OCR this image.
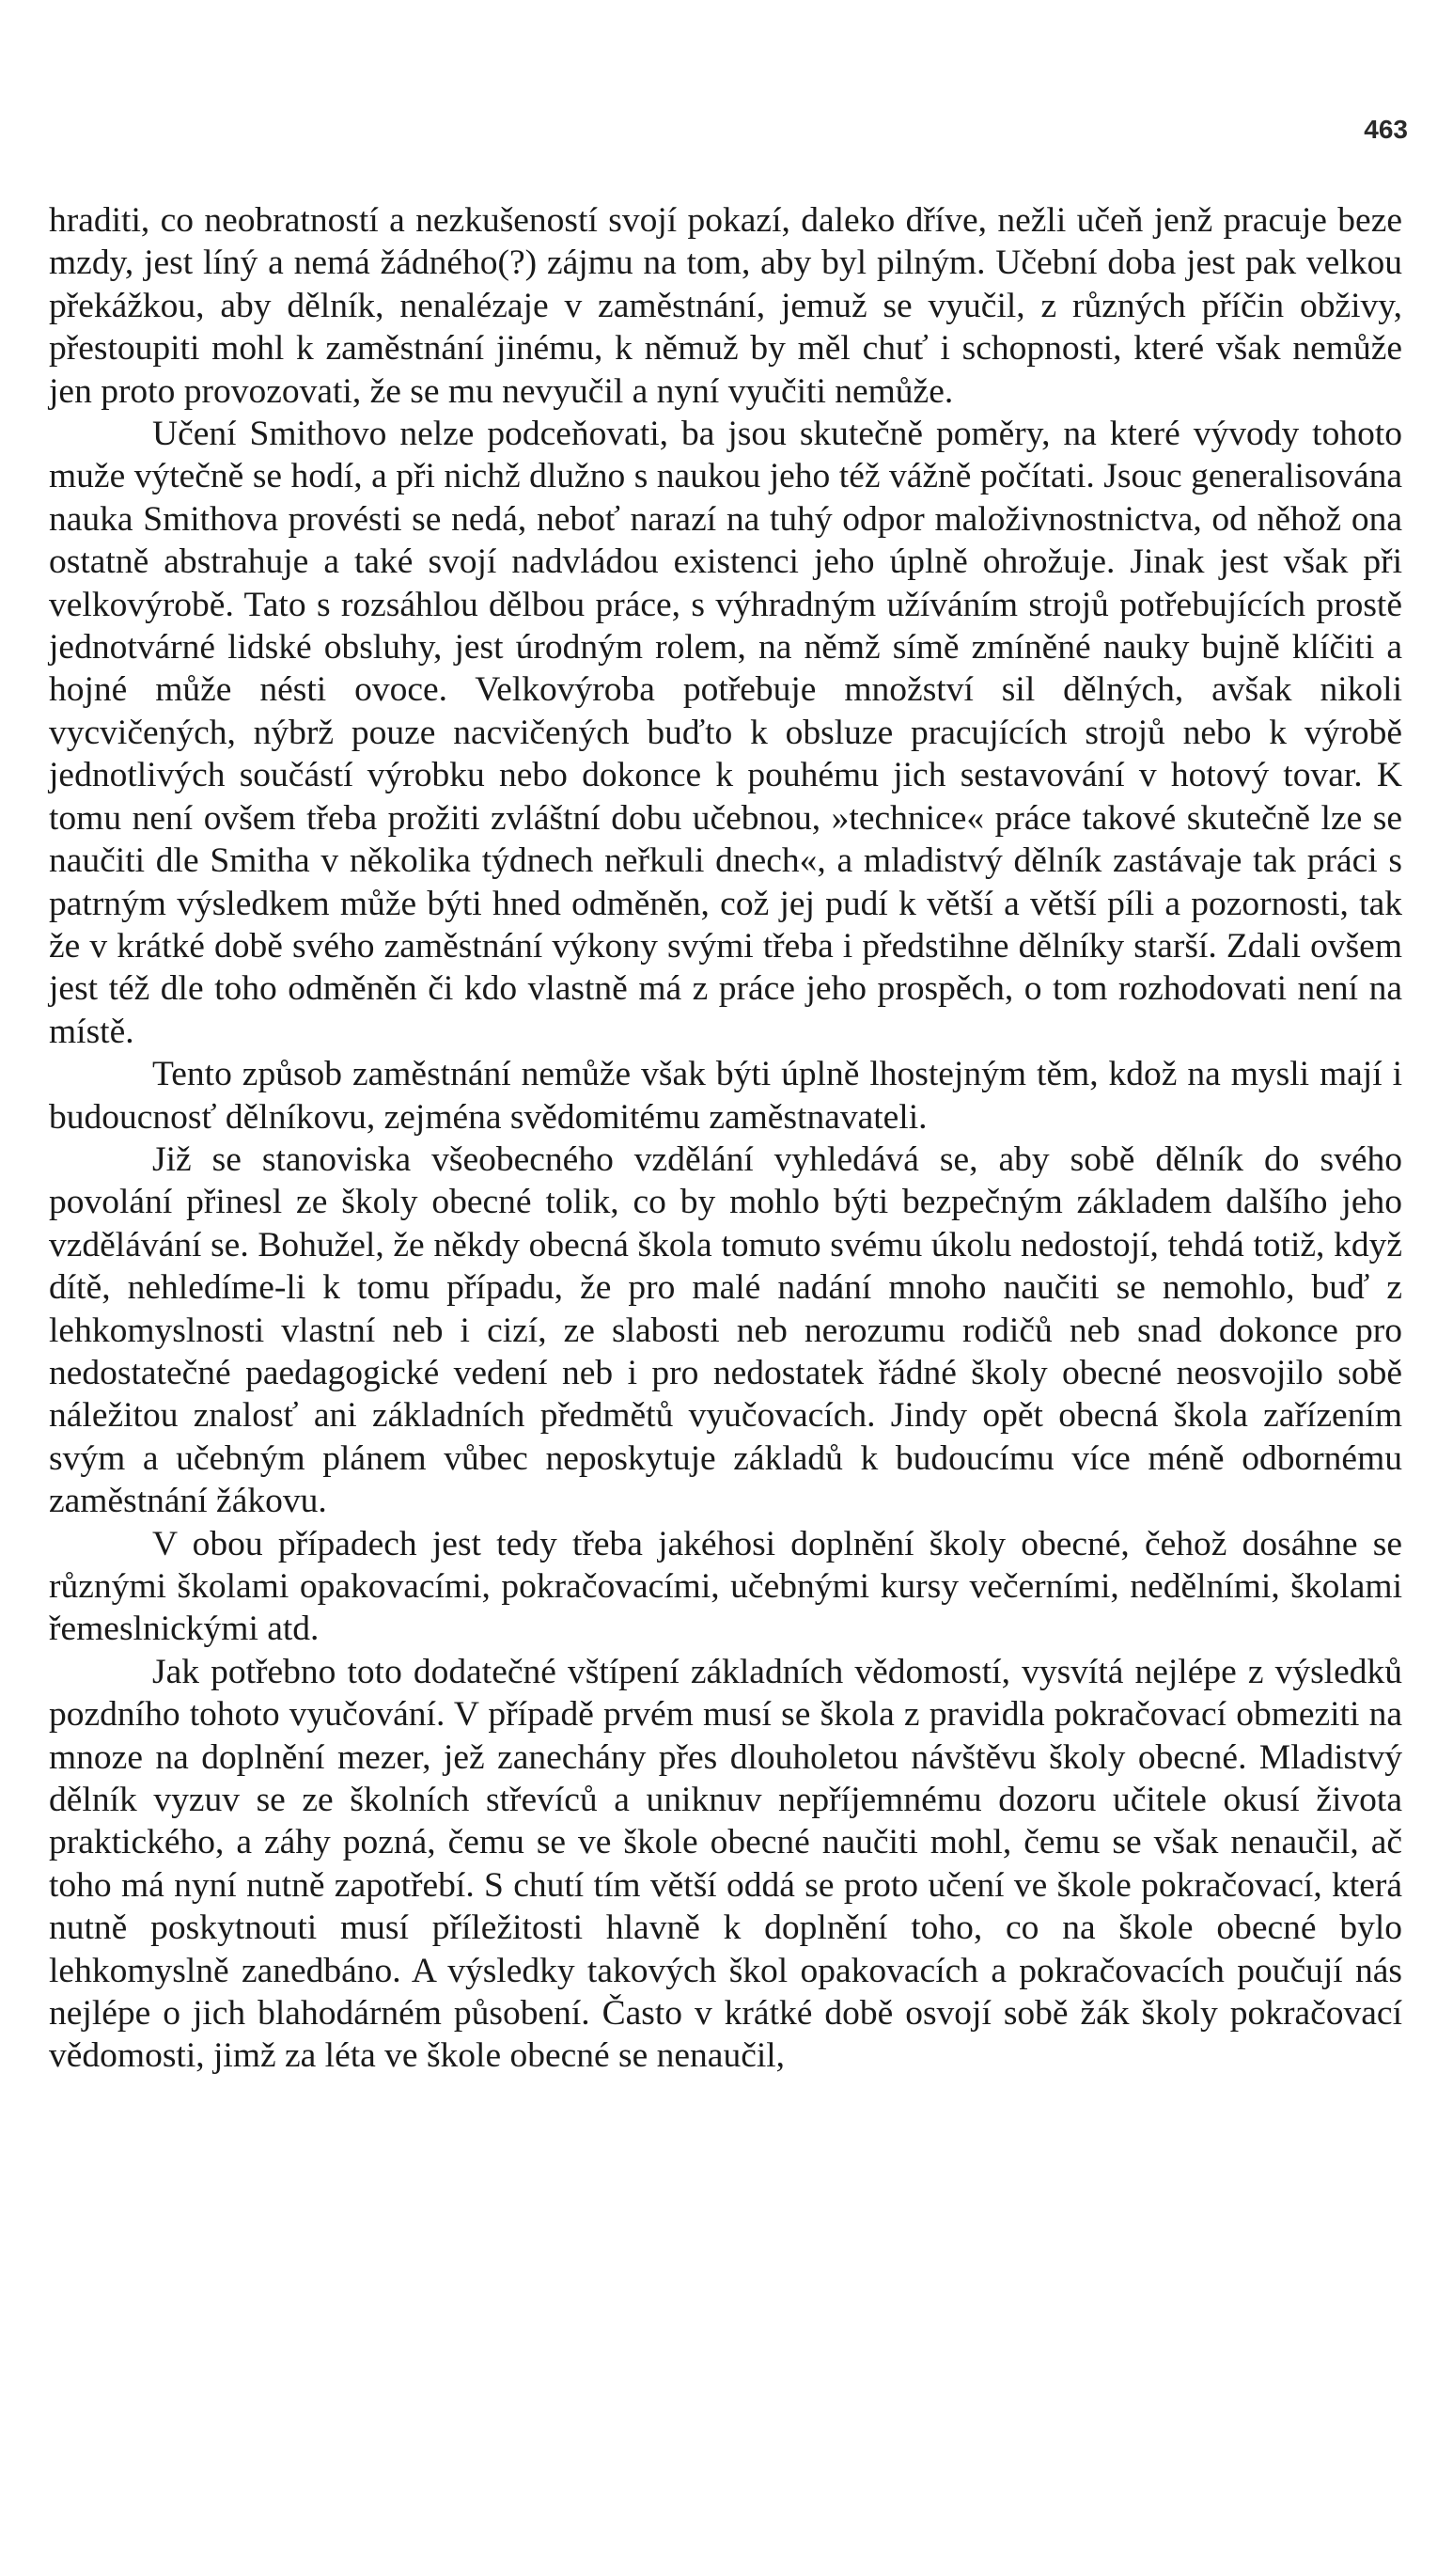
463

hraditi, co neobratností a nezkušeností svojí pokazí, daleko dříve, nežli učeň jenž pracuje beze mzdy, jest líný a nemá žádného(?) zájmu na tom, aby byl pilným. Učební doba jest pak velkou překážkou, aby dělník, nenalézaje v zaměstnání, jemuž se vyučil, z různých příčin obživy, přestoupiti mohl k zaměstnání jinému, k němuž by měl chuť i schopnosti, které však nemůže jen proto provozovati, že se mu nevyučil a nyní vyučiti nemůže.

Učení Smithovo nelze podceňovati, ba jsou skutečně poměry, na které vývody tohoto muže výtečně se hodí, a při nichž dlužno s naukou jeho též vážně počítati. Jsouc generalisována nauka Smithova provésti se nedá, neboť narazí na tuhý odpor maloživnostnictva, od něhož ona ostatně abstrahuje a také svojí nadvládou existenci jeho úplně ohrožuje. Jinak jest však při velkovýrobě. Tato s rozsáhlou dělbou práce, s výhradným užíváním strojů potřebujících prostě jednotvárné lidské obsluhy, jest úrodným rolem, na němž símě zmíněné nauky bujně klíčiti a hojné může nésti ovoce. Velkovýroba potřebuje množství sil dělných, avšak nikoli vycvičených, nýbrž pouze nacvičených buďto k obsluze pracujících strojů nebo k výrobě jednotlivých součástí výrobku nebo dokonce k pouhému jich sestavování v hotový tovar. K tomu není ovšem třeba prožiti zvláštní dobu učebnou, »technice« práce takové skutečně lze se naučiti dle Smitha v několika týdnech neřkuli dnech«, a mladistvý dělník zastávaje tak práci s patrným výsledkem může býti hned odměněn, což jej pudí k větší a větší píli a pozornosti, tak že v krátké době svého zaměstnání výkony svými třeba i předstihne dělníky starší. Zdali ovšem jest též dle toho odměněn či kdo vlastně má z práce jeho prospěch, o tom rozhodovati není na místě.

Tento způsob zaměstnání nemůže však býti úplně lhostejným těm, kdož na mysli mají i budoucnosť dělníkovu, zejména svědomitému zaměstnavateli.

Již se stanoviska všeobecného vzdělání vyhledává se, aby sobě dělník do svého povolání přinesl ze školy obecné tolik, co by mohlo býti bezpečným základem dalšího jeho vzdělávání se. Bohužel, že někdy obecná škola tomuto svému úkolu nedostojí, tehdá totiž, když dítě, nehledíme-li k tomu případu, že pro malé nadání mnoho naučiti se nemohlo, buď z lehkomyslnosti vlastní neb i cizí, ze slabosti neb nerozumu rodičů neb snad dokonce pro nedostatečné paedagogické vedení neb i pro nedostatek řádné školy obecné neosvojilo sobě náležitou znalosť ani základních předmětů vyučovacích. Jindy opět obecná škola zařízením svým a učebným plánem vůbec neposkytuje základů k budoucímu více méně odbornému zaměstnání žákovu.

V obou případech jest tedy třeba jakéhosi doplnění školy obecné, čehož dosáhne se různými školami opakovacími, pokračovacími, učebnými kursy večerními, nedělními, školami řemeslnickými atd.

Jak potřebno toto dodatečné vštípení základních vědomostí, vysvítá nejlépe z výsledků pozdního tohoto vyučování. V případě prvém musí se škola z pravidla pokračovací obmeziti na mnoze na doplnění mezer, jež zanechány přes dlouholetou návštěvu školy obecné. Mladistvý dělník vyzuv se ze školních střevíců a uniknuv nepříjemnému dozoru učitele okusí života praktického, a záhy pozná, čemu se ve škole obecné naučiti mohl, čemu se však nenaučil, ač toho má nyní nutně zapotřebí. S chutí tím větší oddá se proto učení ve škole pokračovací, která nutně poskytnouti musí příležitosti hlavně k doplnění toho, co na škole obecné bylo lehkomyslně zanedbáno. A výsledky takových škol opakovacích a pokračovacích poučují nás nejlépe o jich blahodárném působení. Často v krátké době osvojí sobě žák školy pokračovací vědomosti, jimž za léta ve škole obecné se nenaučil,
